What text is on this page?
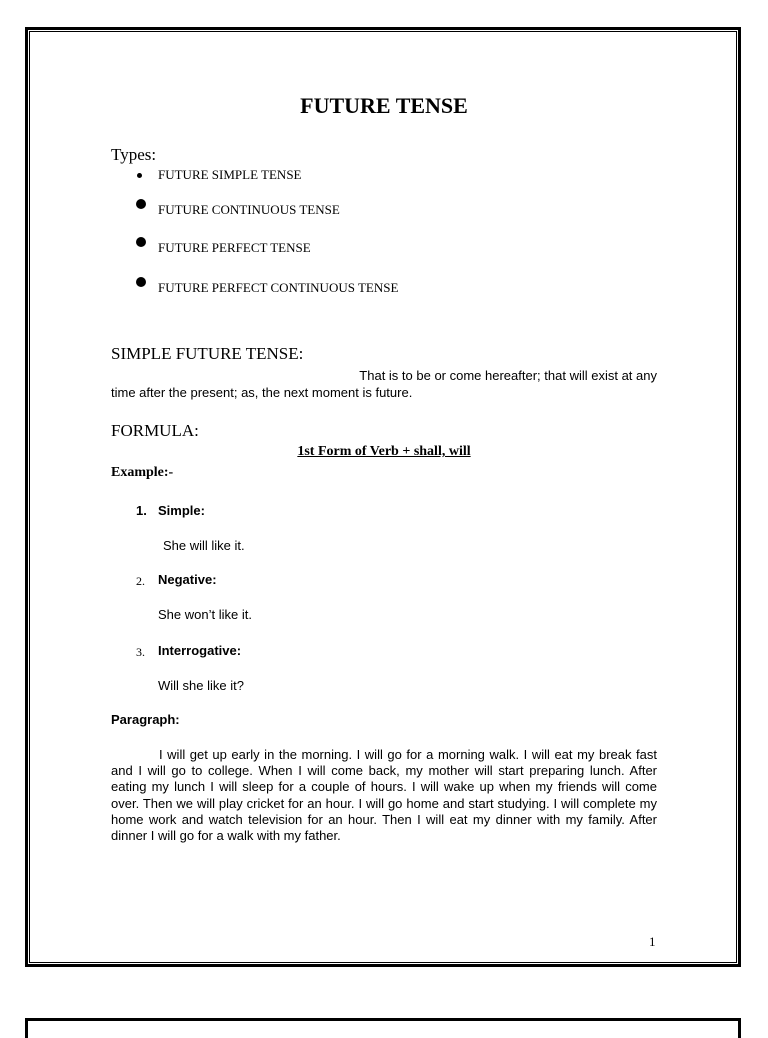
FUTURE TENSE
Types:
FUTURE SIMPLE TENSE
FUTURE CONTINUOUS TENSE
FUTURE PERFECT TENSE
FUTURE PERFECT CONTINUOUS TENSE
SIMPLE FUTURE TENSE:
That is to be or come hereafter; that will exist at any
time after the present; as, the next moment is future.
FORMULA:
1st Form of Verb + shall, will
Example:-
1. Simple:
She will like it.
2. Negative:
She won’t like it.
3. Interrogative:
Will she like it?
Paragraph:
I will get up early in the morning. I will go for a morning walk. I will eat my break fast and I will go to college. When I will come back, my mother will start preparing lunch. After eating my lunch I will sleep for a couple of hours. I will wake up when my friends will come over. Then we will play cricket for an hour. I will go home and start studying. I will complete my home work and watch television for an hour. Then I will eat my dinner with my family. After dinner I will go for a walk with my father.
1
